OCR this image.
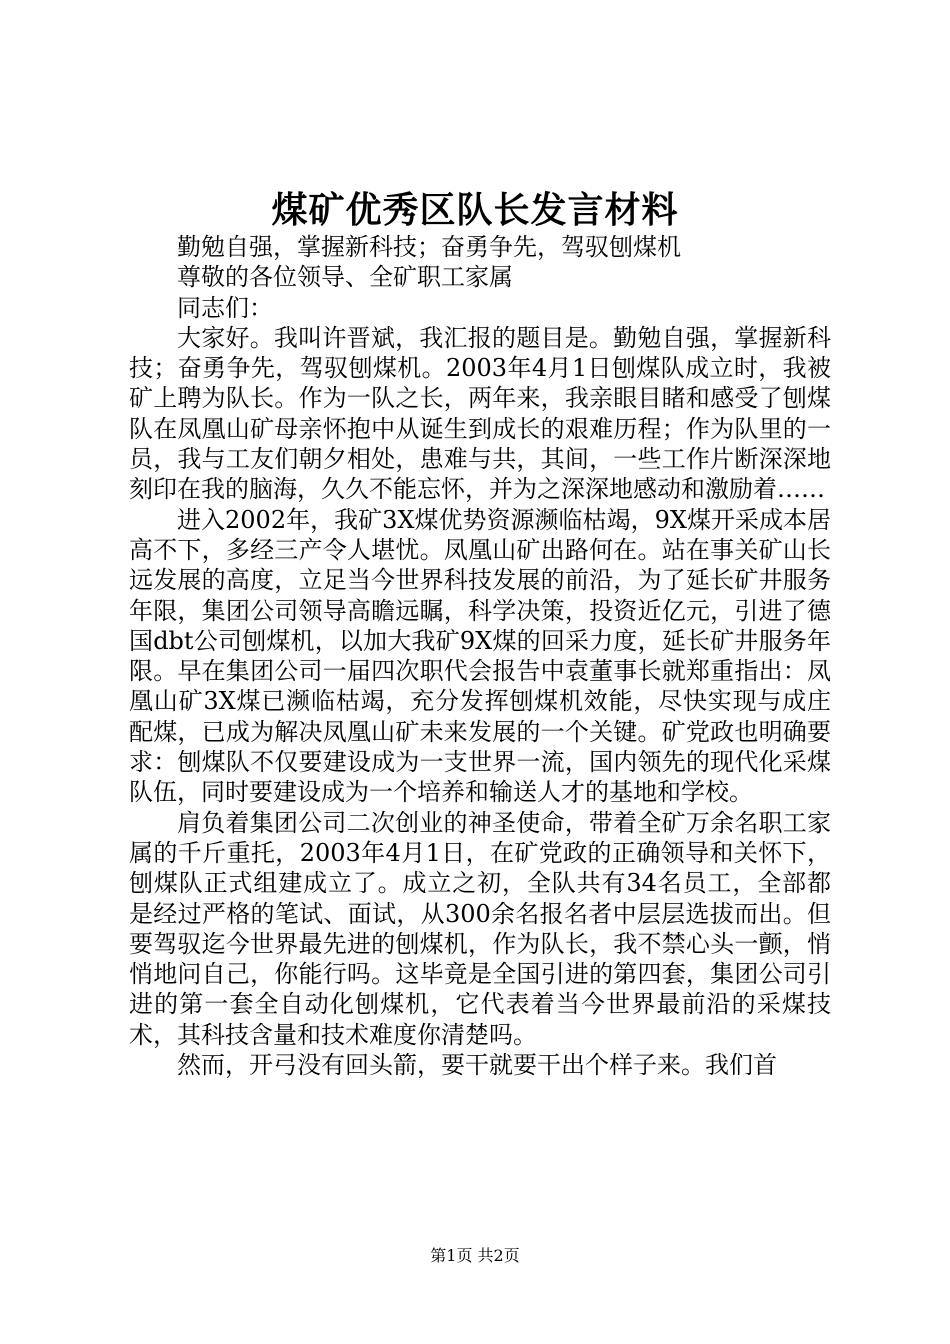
煤矿优秀区队长发言材料

勤勉自强，掌握新科技；奋勇争先，驾驭刨煤机

尊敬的各位领导、全矿职工家属

同志们：

大家好。我叫许晋斌，我汇报的题目是。勤勉自强，掌握新科技；奋勇争先，驾驭刨煤机。2003年4月1日刨煤队成立时，我被矿上聘为队长。作为一队之长，两年来，我亲眼目睹和感受了刨煤队在凤凰山矿母亲怀抱中从诞生到成长的艰难历程；作为队里的一员，我与工友们朝夕相处，患难与共，其间，一些工作片断深深地刻印在我的脑海，久久不能忘怀，并为之深深地感动和激励着……

进入2002年，我矿3X煤优势资源濒临枯竭，9X煤开采成本居高不下，多经三产令人堪忧。凤凰山矿出路何在。站在事关矿山长远发展的高度，立足当今世界科技发展的前沿，为了延长矿井服务年限，集团公司领导高瞻远瞩，科学决策，投资近亿元，引进了德国dbt公司刨煤机，以加大我矿9X煤的回采力度，延长矿井服务年限。早在集团公司一届四次职代会报告中袁董事长就郑重指出：凤凰山矿3X煤已濒临枯竭，充分发挥刨煤机效能，尽快实现与成庄配煤，已成为解决凤凰山矿未来发展的一个关键。矿党政也明确要求：刨煤队不仅要建设成为一支世界一流，国内领先的现代化采煤队伍，同时要建设成为一个培养和输送人才的基地和学校。

肩负着集团公司二次创业的神圣使命，带着全矿万余名职工家属的千斤重托，2003年4月1日，在矿党政的正确领导和关怀下，刨煤队正式组建成立了。成立之初，全队共有34名员工，全部都是经过严格的笔试、面试，从300余名报名者中层层选拔而出。但要驾驭迄今世界最先进的刨煤机，作为队长，我不禁心头一颤，悄悄地问自己，你能行吗。这毕竟是全国引进的第四套，集团公司引进的第一套全自动化刨煤机，它代表着当今世界最前沿的采煤技术，其科技含量和技术难度你清楚吗。

然而，开弓没有回头箭，要干就要干出个样子来。我们首

第1页 共2页
